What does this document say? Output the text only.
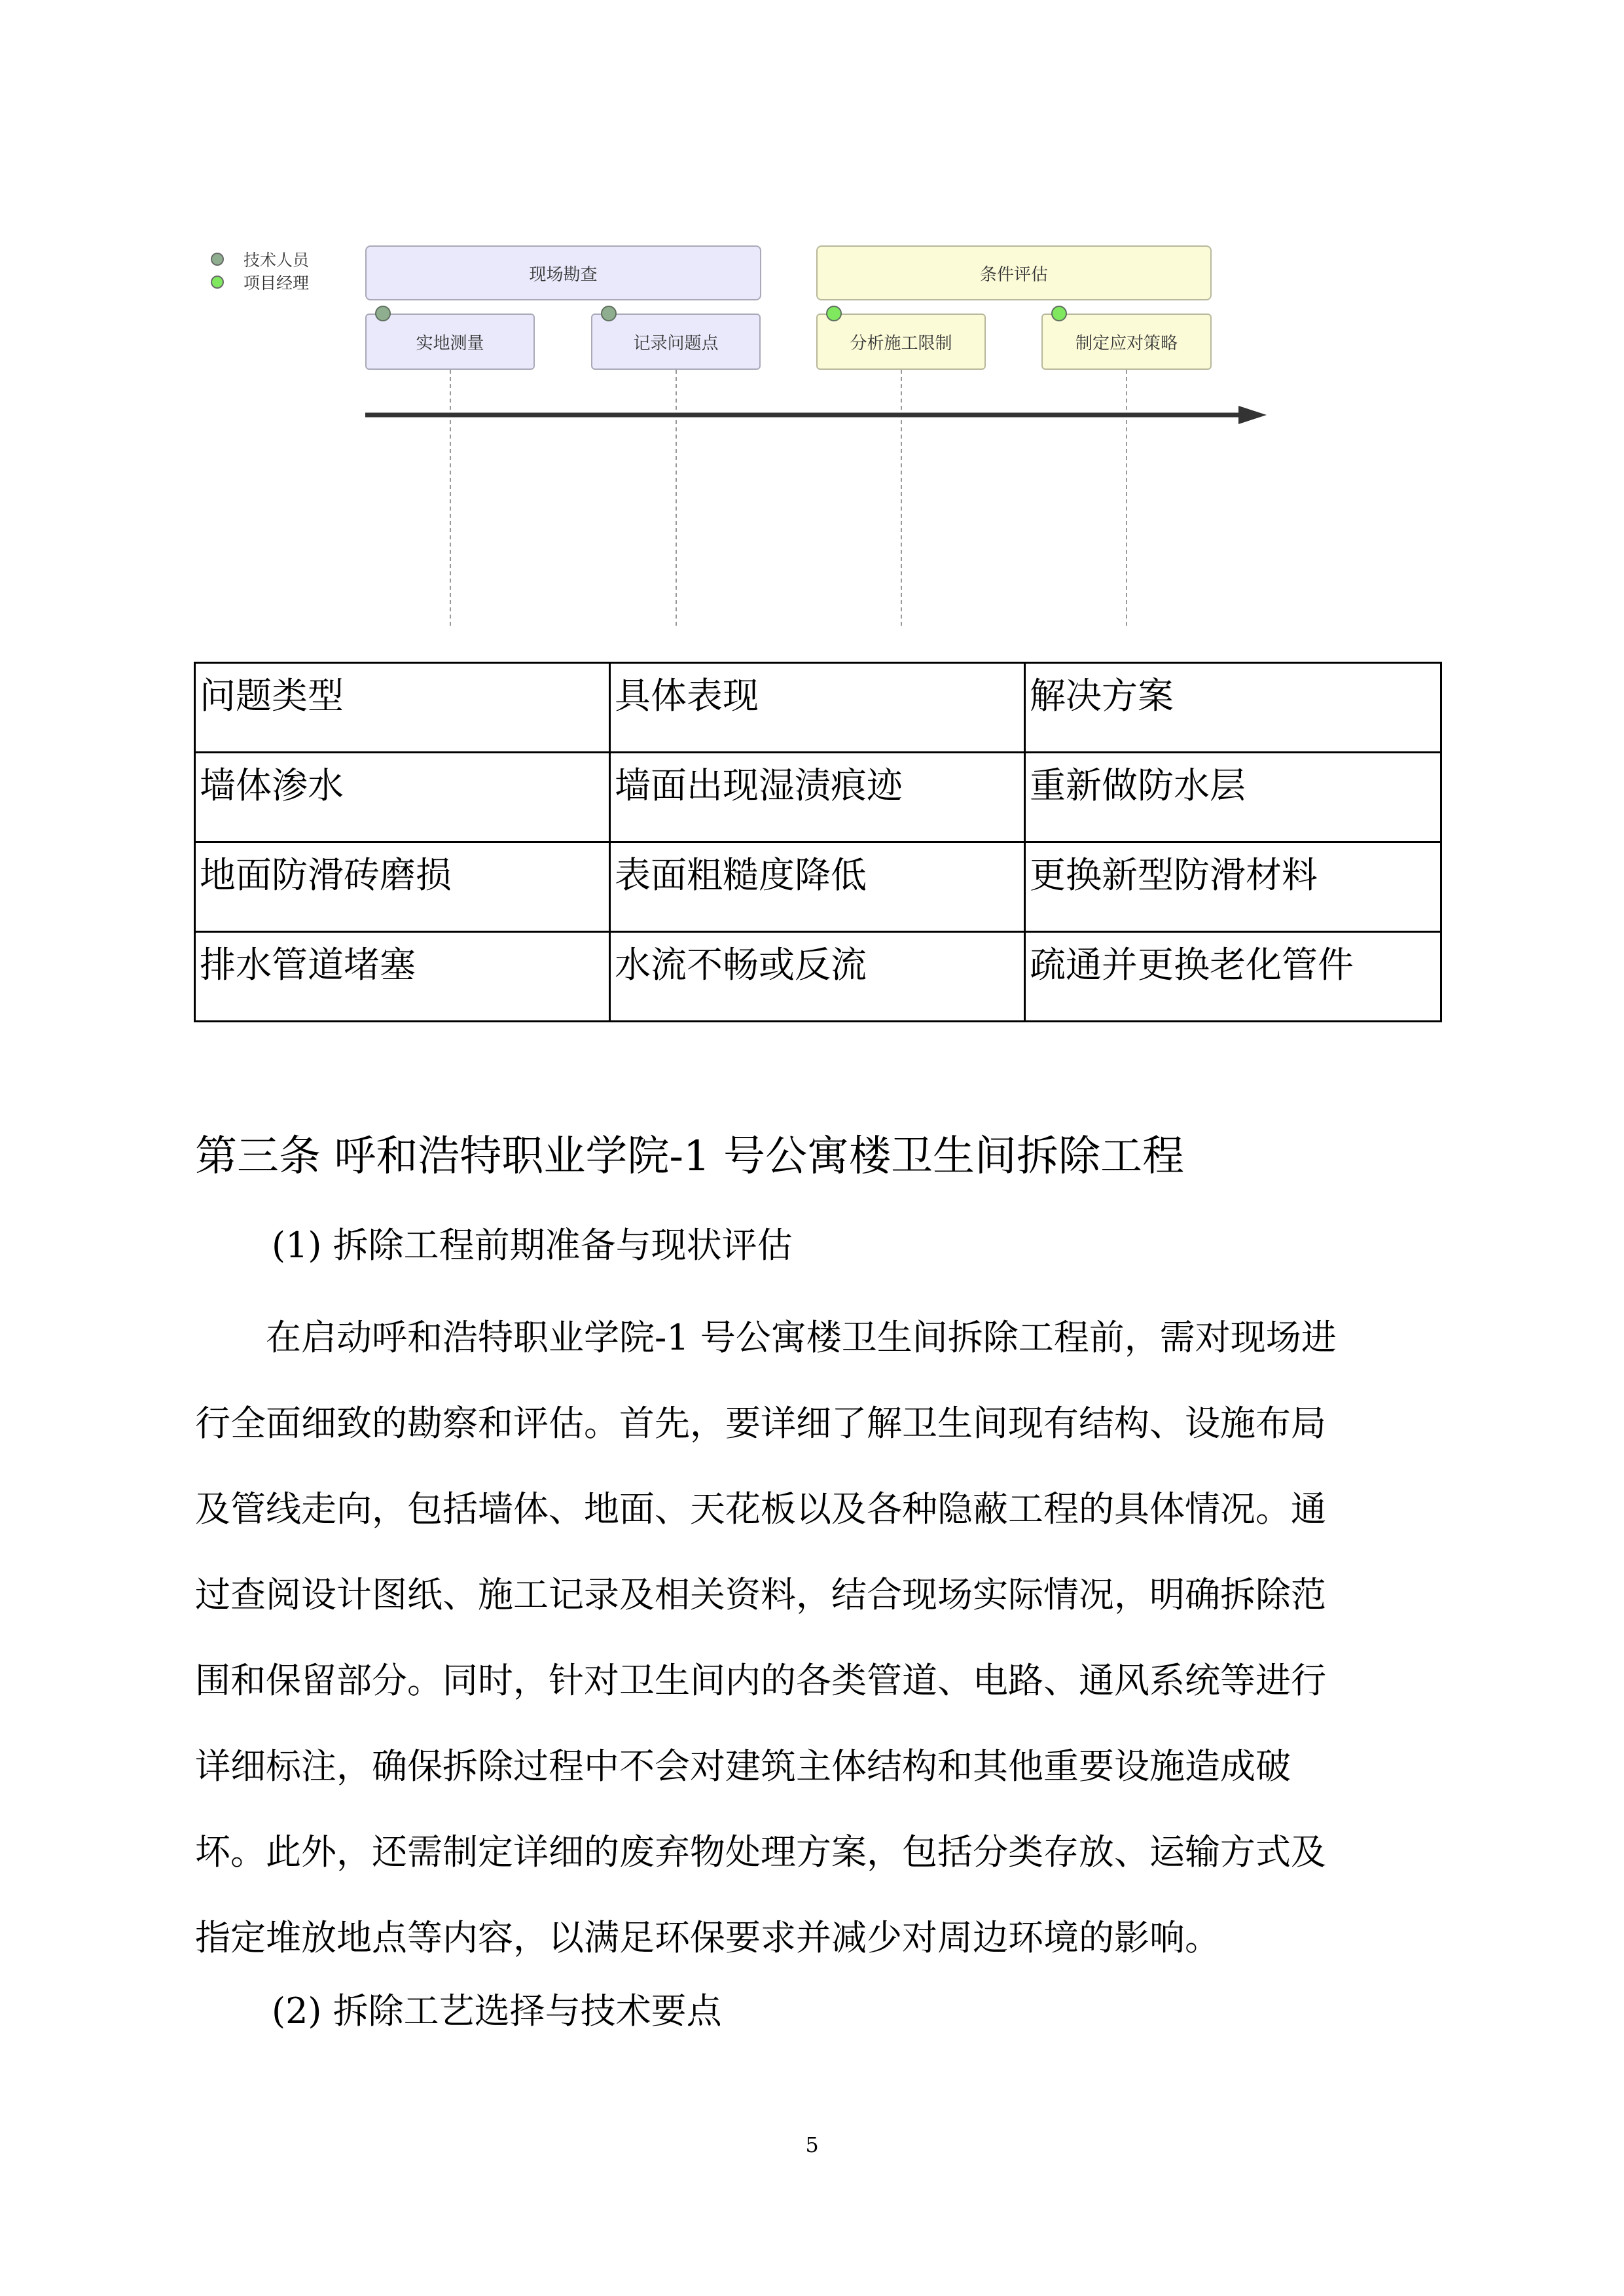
技术人员
项目经理	现场勘查	条件评估
实地测量	记录问题点	分析施工限制	制定应对策略
问题类型	具体表现	解决方案
墙体渗水	墙面出现湿渍痕迹	重新做防水层
地面防滑砖磨损	表面粗糙度降低	更换新型防滑材料
排水管道堵塞	水流不畅或反流	疏通并更换老化管件
第三条 呼和浩特职业学院-1 号公寓楼卫生间拆除工程
(1) 拆除工程前期准备与现状评估

　　在启动呼和浩特职业学院-1 号公寓楼卫生间拆除工程前，需对现场进
行全面细致的勘察和评估。首先，要详细了解卫生间现有结构、设施布局
及管线走向，包括墙体、地面、天花板以及各种隐蔽工程的具体情况。通
过查阅设计图纸、施工记录及相关资料，结合现场实际情况，明确拆除范
围和保留部分。同时，针对卫生间内的各类管道、电路、通风系统等进行
详细标注，确保拆除过程中不会对建筑主体结构和其他重要设施造成破
坏。此外，还需制定详细的废弃物处理方案，包括分类存放、运输方式及
指定堆放地点等内容，以满足环保要求并减少对周边环境的影响。

(2) 拆除工艺选择与技术要点
5
